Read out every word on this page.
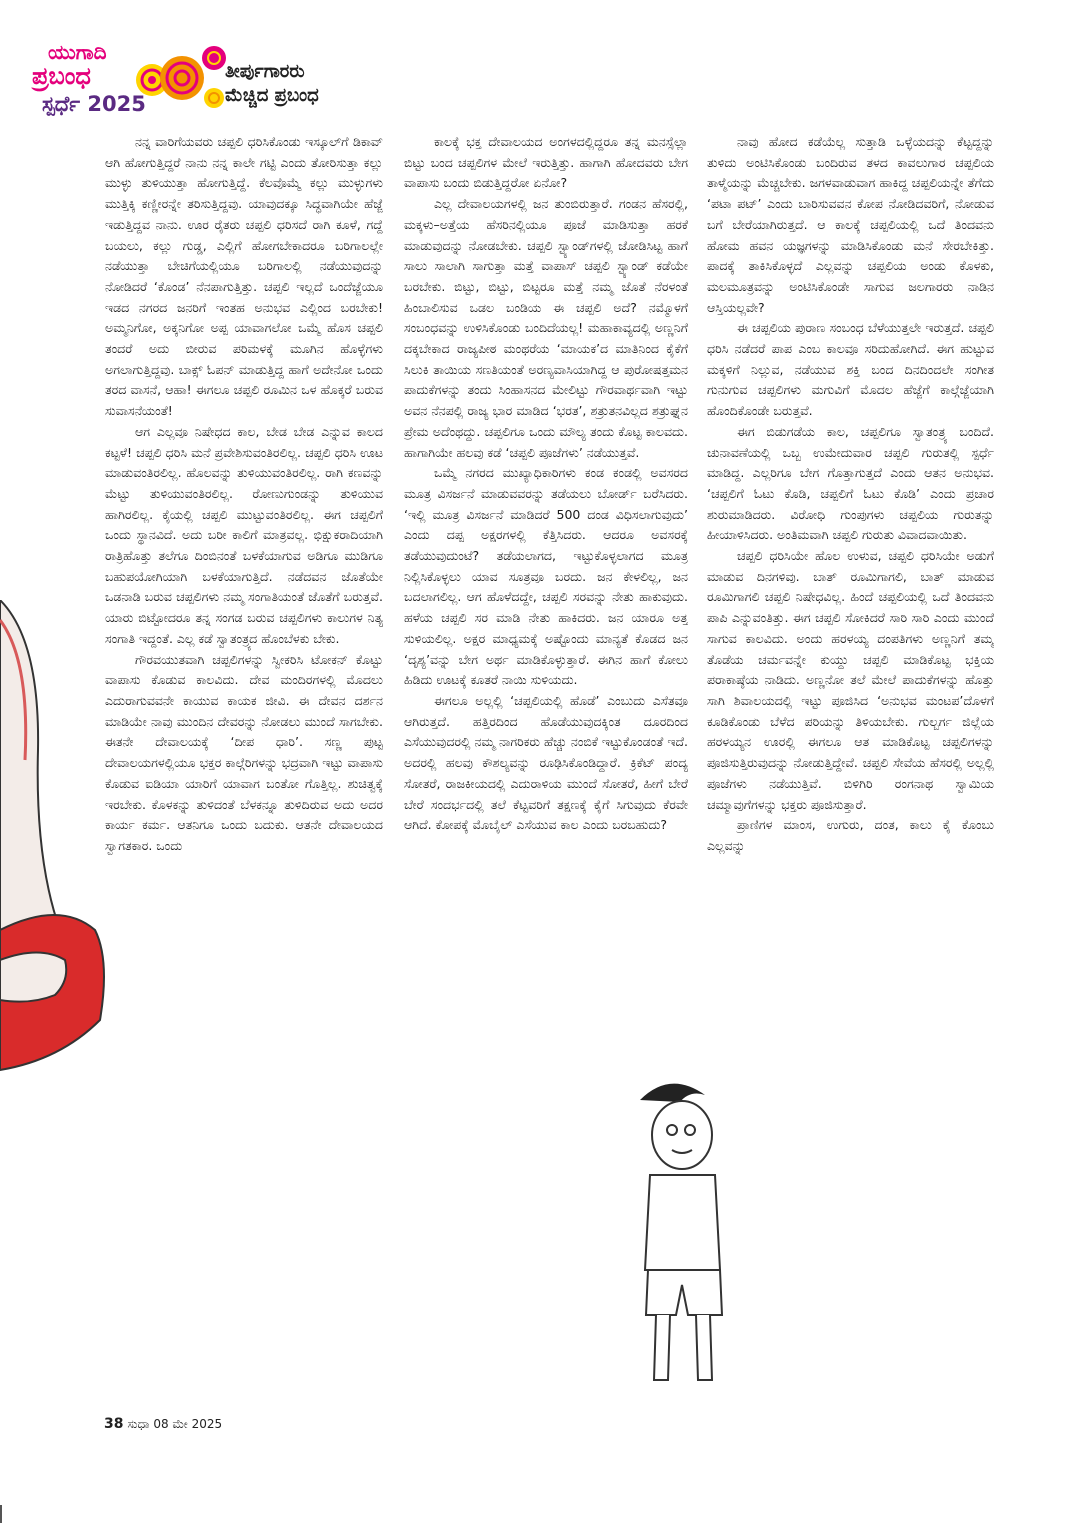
ಯುಗಾದಿ
ಪ್ರಬಂಧ
ಸ್ಪರ್ಧೆ 2025
ತೀರ್ಪುಗಾರರು
ಮೆಚ್ಚಿದ ಪ್ರಬಂಧ

ನನ್ನ ವಾರಿಗೆಯವರು ಚಪ್ಪಲಿ ಧರಿಸಿಕೊಂಡು ಇಸ್ಕೂಲ್‌ಗೆ ಡಿಕಾವ್ ಆಗಿ ಹೋಗುತ್ತಿದ್ದರೆ ನಾನು ನನ್ನ ಕಾಲೇ ಗಟ್ಟಿ ಎಂದು ತೋರಿಸುತ್ತಾ ಕಲ್ಲು ಮುಳ್ಳು ತುಳಿಯುತ್ತಾ ಹೋಗುತ್ತಿದ್ದೆ. ಕೆಲವೊಮ್ಮೆ ಕಲ್ಲು ಮುಳ್ಳುಗಳು ಮುತ್ತಿಕ್ಕಿ ಕಣ್ಣೀರನ್ನೇ ತರಿಸುತ್ತಿದ್ದವು. ಯಾವುದಕ್ಕೂ ಸಿದ್ಧವಾಗಿಯೇ ಹೆಜ್ಜೆ ಇಡುತ್ತಿದ್ದವ ನಾನು. ಊರ ರೈತರು ಚಪ್ಪಲಿ ಧರಿಸದೆ ರಾಗಿ ಕೂಳೆ, ಗದ್ದೆ ಬಯಲು, ಕಲ್ಲು ಗುಡ್ಡ, ಎಲ್ಲಿಗೆ ಹೋಗಬೇಕಾದರೂ ಬರಿಗಾಲಲ್ಲೇ ನಡೆಯುತ್ತಾ ಬೇಚಿಗೆಯಲ್ಲಿಯೂ ಬರಿಗಾಲಲ್ಲಿ ನಡೆಯುವುದನ್ನು ನೋಡಿದರೆ ‘ಕೊಂಡ’ ನೆನಪಾಗುತ್ತಿತ್ತು. ಚಪ್ಪಲಿ ಇಲ್ಲದೆ ಒಂದೆಜ್ಜೆಯೂ ಇಡದ ನಗರದ ಜನರಿಗೆ ಇಂತಹ ಅನುಭವ ಎಲ್ಲಿಂದ ಬರಬೇಕು! ಅಮ್ಮನಿಗೋ, ಅಕ್ಕನಿಗೋ ಅಪ್ಪ ಯಾವಾಗಲೋ ಒಮ್ಮೆ ಹೊಸ ಚಪ್ಪಲಿ ತಂದರೆ ಅದು ಬೀರುವ ಪರಿಮಳಕ್ಕೆ ಮೂಗಿನ ಹೊಳ್ಳೆಗಳು ಅಗಲಾಗುತ್ತಿದ್ದವು. ಬಾಕ್ಸ್ ಓಪನ್ ಮಾಡುತ್ತಿದ್ದ ಹಾಗೆ ಅದೇನೋ ಒಂದು ತರದ ವಾಸನೆ, ಆಹಾ! ಈಗಲೂ ಚಪ್ಪಲಿ ರೂಮಿನ ಒಳ ಹೊಕ್ಕರೆ ಬರುವ ಸುವಾಸನೆಯಂತೆ!

ಆಗ ಎಲ್ಲವೂ ನಿಷೇಧದ ಕಾಲ, ಬೇಡ ಬೇಡ ಎನ್ನುವ ಕಾಲದ ಕಟ್ಟಳೆ! ಚಪ್ಪಲಿ ಧರಿಸಿ ಮನೆ ಪ್ರವೇಶಿಸುವಂತಿರಲಿಲ್ಲ. ಚಪ್ಪಲಿ ಧರಿಸಿ ಊಟ ಮಾಡುವಂತಿರಲಿಲ್ಲ. ಹೊಲವನ್ನು ತುಳಿಯುವಂತಿರಲಿಲ್ಲ. ರಾಗಿ ಕಣವನ್ನು ಮೆಟ್ಟು ತುಳಿಯುವಂತಿರಲಿಲ್ಲ. ರೋಣುಗುಂಡನ್ನು ತುಳಿಯುವ ಹಾಗಿರಲಿಲ್ಲ. ಕೈಯಲ್ಲಿ ಚಪ್ಪಲಿ ಮುಟ್ಟುವಂತಿರಲಿಲ್ಲ. ಈಗ ಚಪ್ಪಲಿಗೆ ಒಂದು ಸ್ಥಾನವಿದೆ. ಅದು ಬರೀ ಕಾಲಿಗೆ ಮಾತ್ರವಲ್ಲ. ಭಿಕ್ಷುಕರಾದಿಯಾಗಿ ರಾತ್ರಿಹೊತ್ತು ತಲೆಗೂ ದಿಂಬಿನಂತೆ ಬಳಕೆಯಾಗುವ ಅಡಿಗೂ ಮುಡಿಗೂ ಬಹುಪಯೋಗಿಯಾಗಿ ಬಳಕೆಯಾಗುತ್ತಿದೆ. ನಡೆದವನ ಜೊತೆಯೇ ಒಡನಾಡಿ ಬರುವ ಚಪ್ಪಲಿಗಳು ನಮ್ಮ ಸಂಗಾತಿಯಂತೆ ಜೊತೆಗೆ ಬರುತ್ತವೆ. ಯಾರು ಬಿಟ್ಟೋದರೂ ತನ್ನ ಸಂಗಡ ಬರುವ ಚಪ್ಪಲಿಗಳು ಕಾಲುಗಳ ನಿತ್ಯ ಸಂಗಾತಿ ಇದ್ದಂತೆ. ಎಲ್ಲ ಕಡೆ ಸ್ವಾತಂತ್ರ್ಯದ ಹೊಂಬೆಳಕು ಬೇಕು.

ಗೌರವಯುತವಾಗಿ ಚಪ್ಪಲಿಗಳನ್ನು ಸ್ವೀಕರಿಸಿ ಟೋಕನ್ ಕೊಟ್ಟು ವಾಪಾಸು ಕೊಡುವ ಕಾಲವಿದು. ದೇವ ಮಂದಿರಗಳಲ್ಲಿ ಮೊದಲು ಎದುರಾಗುವವನೇ ಕಾಯುವ ಕಾಯಕ ಜೀವಿ. ಈ ದೇವನ ದರ್ಶನ ಮಾಡಿಯೇ ನಾವು ಮುಂದಿನ ದೇವರನ್ನು ನೋಡಲು ಮುಂದೆ ಸಾಗಬೇಕು. ಈತನೇ ದೇವಾಲಯಕ್ಕೆ ‘ದೀಪ ಧಾರಿ’. ಸಣ್ಣ ಪುಟ್ಟ ದೇವಾಲಯಗಳಲ್ಲಿಯೂ ಭಕ್ತರ ಕಾಲ್ಗೆರಿಗಳನ್ನು ಭದ್ರವಾಗಿ ಇಟ್ಟು ವಾಪಾಸು ಕೊಡುವ ಐಡಿಯಾ ಯಾರಿಗೆ ಯಾವಾಗ ಬಂತೋ ಗೊತ್ತಿಲ್ಲ. ಶುಚಿತ್ವಕ್ಕೆ ಇರಬೇಕು. ಕೊಳಕನ್ನು ತುಳಿದಂತೆ ಬೆಳಕನ್ನೂ ತುಳಿದಿರುವ ಅದು ಅದರ ಕಾರ್ಯ ಕರ್ಮ. ಆತನಿಗೂ ಒಂದು ಬದುಕು. ಆತನೇ ದೇವಾಲಯದ ಸ್ವಾಗತಕಾರ. ಒಂದು

ಕಾಲಕ್ಕೆ ಭಕ್ತ ದೇವಾಲಯದ ಅಂಗಳದಲ್ಲಿದ್ದರೂ ತನ್ನ ಮನಸ್ಸೆಲ್ಲಾ ಬಿಟ್ಟು ಬಂದ ಚಪ್ಪಲಿಗಳ ಮೇಲೆ ಇರುತ್ತಿತ್ತು. ಹಾಗಾಗಿ ಹೋದವರು ಬೇಗ ವಾಪಾಸು ಬಂದು ಬಿಡುತ್ತಿದ್ದರೋ ಏನೋ?

ಎಲ್ಲ ದೇವಾಲಯಗಳಲ್ಲಿ ಜನ ತುಂಬಿರುತ್ತಾರೆ. ಗಂಡನ ಹೆಸರಲ್ಲಿ, ಮಕ್ಕಳು–ಅತ್ತೆಯ ಹೆಸರಿನಲ್ಲಿಯೂ ಪೂಜೆ ಮಾಡಿಸುತ್ತಾ ಹರಕೆ ಮಾಡುವುದನ್ನು ನೋಡಬೇಕು. ಚಪ್ಪಲಿ ಸ್ಟ್ಯಾಂಡ್‌ಗಳಲ್ಲಿ ಜೋಡಿಸಿಟ್ಟ ಹಾಗೆ ಸಾಲು ಸಾಲಾಗಿ ಸಾಗುತ್ತಾ ಮತ್ತೆ ವಾಪಾಸ್ ಚಪ್ಪಲಿ ಸ್ಟ್ಯಾಂಡ್ ಕಡೆಯೇ ಬರಬೇಕು. ಬಿಟ್ಟು, ಬಿಟ್ಟು, ಬಿಟ್ಟರೂ ಮತ್ತೆ ನಮ್ಮ ಜೊತೆ ನೆರಳಂತೆ ಹಿಂಬಾಲಿಸುವ ಒಡಲ ಬಂಡಿಯ ಈ ಚಪ್ಪಲಿ ಅದೆ? ನಮ್ಮೊಳಗೆ ಸಂಬಂಧವನ್ನು ಉಳಿಸಿಕೊಂಡು ಬಂದಿದೆಯಲ್ಲ! ಮಹಾಕಾವ್ಯದಲ್ಲಿ ಅಣ್ಣನಿಗೆ ದಕ್ಕಬೇಕಾದ ರಾಜ್ಯಪೀಠ ಮಂಥರೆಯ ‘ಮಾಯಕ’ದ ಮಾತಿನಿಂದ ಕೈಕೆಗೆ ಸಿಲುಕಿ ತಾಯಿಯ ಸಣತಿಯಂತೆ ಅರಣ್ಯವಾಸಿಯಾಗಿದ್ದ ಆ ಪುರೋಷತ್ತಮನ ಪಾದುಕೆಗಳನ್ನು ತಂದು ಸಿಂಹಾಸನದ ಮೇಲಿಟ್ಟು ಗೌರವಾರ್ಥವಾಗಿ ಇಟ್ಟು ಅವನ ನೆನಪಲ್ಲಿ ರಾಜ್ಯ ಭಾರ ಮಾಡಿದ ‘ಭರತ’, ಶತ್ರುತನವಿಲ್ಲದ ಶತ್ರುಘ್ನನ ಪ್ರೇಮ ಅದೆಂಥದ್ದು. ಚಪ್ಪಲಿಗೂ ಒಂದು ಮೌಲ್ಯ ತಂದು ಕೊಟ್ಟ ಕಾಲವದು. ಹಾಗಾಗಿಯೇ ಹಲವು ಕಡೆ ‘ಚಪ್ಪಲಿ ಪೂಜೆಗಳು’ ನಡೆಯುತ್ತವೆ.

ಒಮ್ಮೆ ನಗರದ ಮುಖ್ಯಾಧಿಕಾರಿಗಳು ಕಂಡ ಕಂಡಲ್ಲಿ ಅವಸರದ ಮೂತ್ರ ವಿಸರ್ಜನೆ ಮಾಡುವವರನ್ನು ತಡೆಯಲು ಬೋರ್ಡ್ ಬರೆಸಿದರು. ‘ಇಲ್ಲಿ ಮೂತ್ರ ವಿಸರ್ಜನೆ ಮಾಡಿದರೆ 500 ದಂಡ ವಿಧಿಸಲಾಗುವುದು’ ಎಂದು ದಪ್ಪ ಅಕ್ಷರಗಳಲ್ಲಿ ಕೆತ್ತಿಸಿದರು. ಆದರೂ ಅವಸರಕ್ಕೆ ತಡೆಯುವುದುಂಟೆ? ತಡೆಯಲಾಗದ, ಇಟ್ಟುಕೊಳ್ಳಲಾಗದ ಮೂತ್ರ ನಿಲ್ಲಿಸಿಕೊಳ್ಳಲು ಯಾವ ಸೂತ್ರವೂ ಬರದು. ಜನ ಕೇಳಲಿಲ್ಲ, ಜನ ಬದಲಾಗಲಿಲ್ಲ. ಆಗ ಹೊಳೆದದ್ದೇ, ಚಪ್ಪಲಿ ಸರವನ್ನು ನೇತು ಹಾಕುವುದು. ಹಳೆಯ ಚಪ್ಪಲಿ ಸರ ಮಾಡಿ ನೇತು ಹಾಕಿದರು. ಜನ ಯಾರೂ ಅತ್ತ ಸುಳಿಯಲಿಲ್ಲ. ಅಕ್ಷರ ಮಾಧ್ಯಮಕ್ಕೆ ಅಷ್ಟೊಂದು ಮಾನ್ಯತೆ ಕೊಡದ ಜನ ‘ದೃಶ್ಯ’ವನ್ನು ಬೇಗ ಅರ್ಥ ಮಾಡಿಕೊಳ್ಳುತ್ತಾರೆ. ಈಗಿನ ಹಾಗೆ ಕೋಲು ಹಿಡಿದು ಊಟಕ್ಕೆ ಕೂತರೆ ನಾಯಿ ಸುಳಿಯದು.

ಈಗಲೂ ಅಲ್ಲಲ್ಲಿ ‘ಚಪ್ಪಲಿಯಲ್ಲಿ ಹೊಡೆ’ ಎಂಬುದು ಎಸೆತವೂ ಆಗಿರುತ್ತದೆ. ಹತ್ತಿರದಿಂದ ಹೊಡೆಯುವುದಕ್ಕಿಂತ ದೂರದಿಂದ ಎಸೆಯುವುದರಲ್ಲಿ ನಮ್ಮ ನಾಗರಿಕರು ಹೆಚ್ಚು ನಂಬಿಕೆ ಇಟ್ಟುಕೊಂಡಂತೆ ಇದೆ. ಅದರಲ್ಲಿ ಹಲವು ಕೌಶಲ್ಯವನ್ನು ರೂಢಿಸಿಕೊಂಡಿದ್ದಾರೆ. ಕ್ರಿಕೆಟ್ ಪಂದ್ಯ ಸೋತರೆ, ರಾಜಕೀಯದಲ್ಲಿ ಎದುರಾಳಿಯ ಮುಂದೆ ಸೋತರೆ, ಹೀಗೆ ಬೇರೆ ಬೇರೆ ಸಂದರ್ಭದಲ್ಲಿ ತಲೆ ಕೆಟ್ಟವರಿಗೆ ತಕ್ಷಣಕ್ಕೆ ಕೈಗೆ ಸಿಗುವುದು ಕೆರವೇ ಆಗಿದೆ. ಕೋಪಕ್ಕೆ ಮೊಬೈಲ್ ಎಸೆಯುವ ಕಾಲ ಎಂದು ಬರಬಹುದು?

ನಾವು ಹೋದ ಕಡೆಯೆಲ್ಲ ಸುತ್ತಾಡಿ ಒಳ್ಳೆಯದನ್ನು ಕೆಟ್ಟದ್ದನ್ನು ತುಳಿದು ಅಂಟಿಸಿಕೊಂಡು ಬಂದಿರುವ ತಳದ ಕಾವಲುಗಾರ ಚಪ್ಪಲಿಯ ತಾಳ್ಮೆಯನ್ನು ಮೆಚ್ಚಬೇಕು. ಜಗಳವಾಡುವಾಗ ಹಾಕಿದ್ದ ಚಪ್ಪಲಿಯನ್ನೇ ತೆಗೆದು ‘ಪಟಾ ಪಟ್’ ಎಂದು ಬಾರಿಸುವವನ ಕೋಪ ನೋಡಿದವರಿಗೆ, ನೋಡುವ ಬಗೆ ಬೇರೆಯಾಗಿರುತ್ತದೆ. ಆ ಕಾಲಕ್ಕೆ ಚಪ್ಪಲಿಯಲ್ಲಿ ಒದೆ ತಿಂದವನು ಹೋಮ ಹವನ ಯಜ್ಞಗಳನ್ನು ಮಾಡಿಸಿಕೊಂಡು ಮನೆ ಸೇರಬೇಕಿತ್ತು. ಪಾದಕ್ಕೆ ತಾಕಿಸಿಕೊಳ್ಳದೆ ಎಲ್ಲವನ್ನು ಚಪ್ಪಲಿಯ ಅಂಡು ಕೊಳಕು, ಮಲಮೂತ್ರವನ್ನು ಅಂಟಿಸಿಕೊಂಡೇ ಸಾಗುವ ಜಲಗಾರರು ನಾಡಿನ ಆಸ್ತಿಯಲ್ಲವೇ?

ಈ ಚಪ್ಪಲಿಯ ಪುರಾಣ ಸಂಬಂಧ ಬೆಳೆಯುತ್ತಲೇ ಇರುತ್ತದೆ. ಚಪ್ಪಲಿ ಧರಿಸಿ ನಡೆದರೆ ಪಾಪ ಎಂಬ ಕಾಲವೂ ಸರಿದುಹೋಗಿದೆ. ಈಗ ಹುಟ್ಟುವ ಮಕ್ಕಳಿಗೆ ನಿಲ್ಲುವ, ನಡೆಯುವ ಶಕ್ತಿ ಬಂದ ದಿನದಿಂದಲೇ ಸಂಗೀತ ಗುನುಗುವ ಚಪ್ಪಲಿಗಳು ಮಗುವಿಗೆ ಮೊದಲ ಹೆಜ್ಜೆಗೆ ಕಾಲ್ಗೆಜ್ಜೆಯಾಗಿ ಹೊಂದಿಕೊಂಡೇ ಬರುತ್ತವೆ.

ಈಗ ಬಿಡುಗಡೆಯ ಕಾಲ, ಚಪ್ಪಲಿಗೂ ಸ್ವಾತಂತ್ರ್ಯ ಬಂದಿದೆ. ಚುನಾವಣೆಯಲ್ಲಿ ಒಬ್ಬ ಉಮೇದುವಾರ ಚಪ್ಪಲಿ ಗುರುತಲ್ಲಿ ಸ್ಪರ್ಧೆ ಮಾಡಿದ್ದ. ಎಲ್ಲರಿಗೂ ಬೇಗ ಗೊತ್ತಾಗುತ್ತದೆ ಎಂದು ಆತನ ಅನುಭವ. ‘ಚಪ್ಪಲಿಗೆ ಓಟು ಕೊಡಿ, ಚಪ್ಪಲಿಗೆ ಓಟು ಕೊಡಿ’ ಎಂದು ಪ್ರಚಾರ ಶುರುಮಾಡಿದರು. ವಿರೋಧಿ ಗುಂಪುಗಳು ಚಪ್ಪಲಿಯ ಗುರುತನ್ನು ಹೀಯಾಳಿಸಿದರು. ಅಂತಿಮವಾಗಿ ಚಪ್ಪಲಿ ಗುರುತು ವಿವಾದವಾಯಿತು.

ಚಪ್ಪಲಿ ಧರಿಸಿಯೇ ಹೊಲ ಉಳುವ, ಚಪ್ಪಲಿ ಧರಿಸಿಯೇ ಅಡುಗೆ ಮಾಡುವ ದಿನಗಳಿವು. ಬಾತ್ ರೂಮಿಗಾಗಲಿ, ಬಾತ್ ಮಾಡುವ ರೂಮಿಗಾಗಲಿ ಚಪ್ಪಲಿ ನಿಷೇಧವಿಲ್ಲ. ಹಿಂದೆ ಚಪ್ಪಲಿಯಲ್ಲಿ ಒದೆ ತಿಂದವನು ಪಾಪಿ ಎನ್ನುವಂತಿತ್ತು. ಈಗ ಚಪ್ಪಲಿ ಸೋಕಿದರೆ ಸಾರಿ ಸಾರಿ ಎಂದು ಮುಂದೆ ಸಾಗುವ ಕಾಲವಿದು. ಅಂದು ಹರಳಯ್ಯ ದಂಪತಿಗಳು ಅಣ್ಣನಿಗೆ ತಮ್ಮ ತೊಡೆಯ ಚರ್ಮವನ್ನೇ ಕುಯ್ದು ಚಪ್ಪಲಿ ಮಾಡಿಕೊಟ್ಟ ಭಕ್ತಿಯ ಪರಾಕಾಷ್ಠೆಯ ನಾಡಿದು. ಅಣ್ಣನೋ ತಲೆ ಮೇಲೆ ಪಾದುಕೆಗಳನ್ನು ಹೊತ್ತು ಸಾಗಿ ಶಿವಾಲಯದಲ್ಲಿ ಇಟ್ಟು ಪೂಜಿಸಿದ ‘ಅನುಭವ ಮಂಟಪ’ದೊಳಗೆ ಕೂಡಿಕೊಂಡು ಬೆಳೆದ ಪರಿಯನ್ನು ತಿಳಿಯಬೇಕು. ಗುಲ್ಬರ್ಗ ಜಿಲ್ಲೆಯ ಹರಳಯ್ಯನ ಊರಲ್ಲಿ ಈಗಲೂ ಆತ ಮಾಡಿಕೊಟ್ಟ ಚಪ್ಪಲಿಗಳನ್ನು ಪೂಜಿಸುತ್ತಿರುವುದನ್ನು ನೋಡುತ್ತಿದ್ದೇವೆ. ಚಪ್ಪಲಿ ಸೇವೆಯ ಹೆಸರಲ್ಲಿ ಅಲ್ಲಲ್ಲಿ ಪೂಜೆಗಳು ನಡೆಯುತ್ತಿವೆ. ಬಿಳಿಗಿರಿ ರಂಗನಾಥ ಸ್ವಾಮಿಯ ಚಮ್ಮಾವುಗೆಗಳನ್ನು ಭಕ್ತರು ಪೂಜಿಸುತ್ತಾರೆ.

ಪ್ರಾಣಿಗಳ ಮಾಂಸ, ಉಗುರು, ದಂತ, ಕಾಲು ಕೈ ಕೊಂಬು ಎಲ್ಲವನ್ನು

38 ಸುಧಾ 08 ಮೇ 2025
